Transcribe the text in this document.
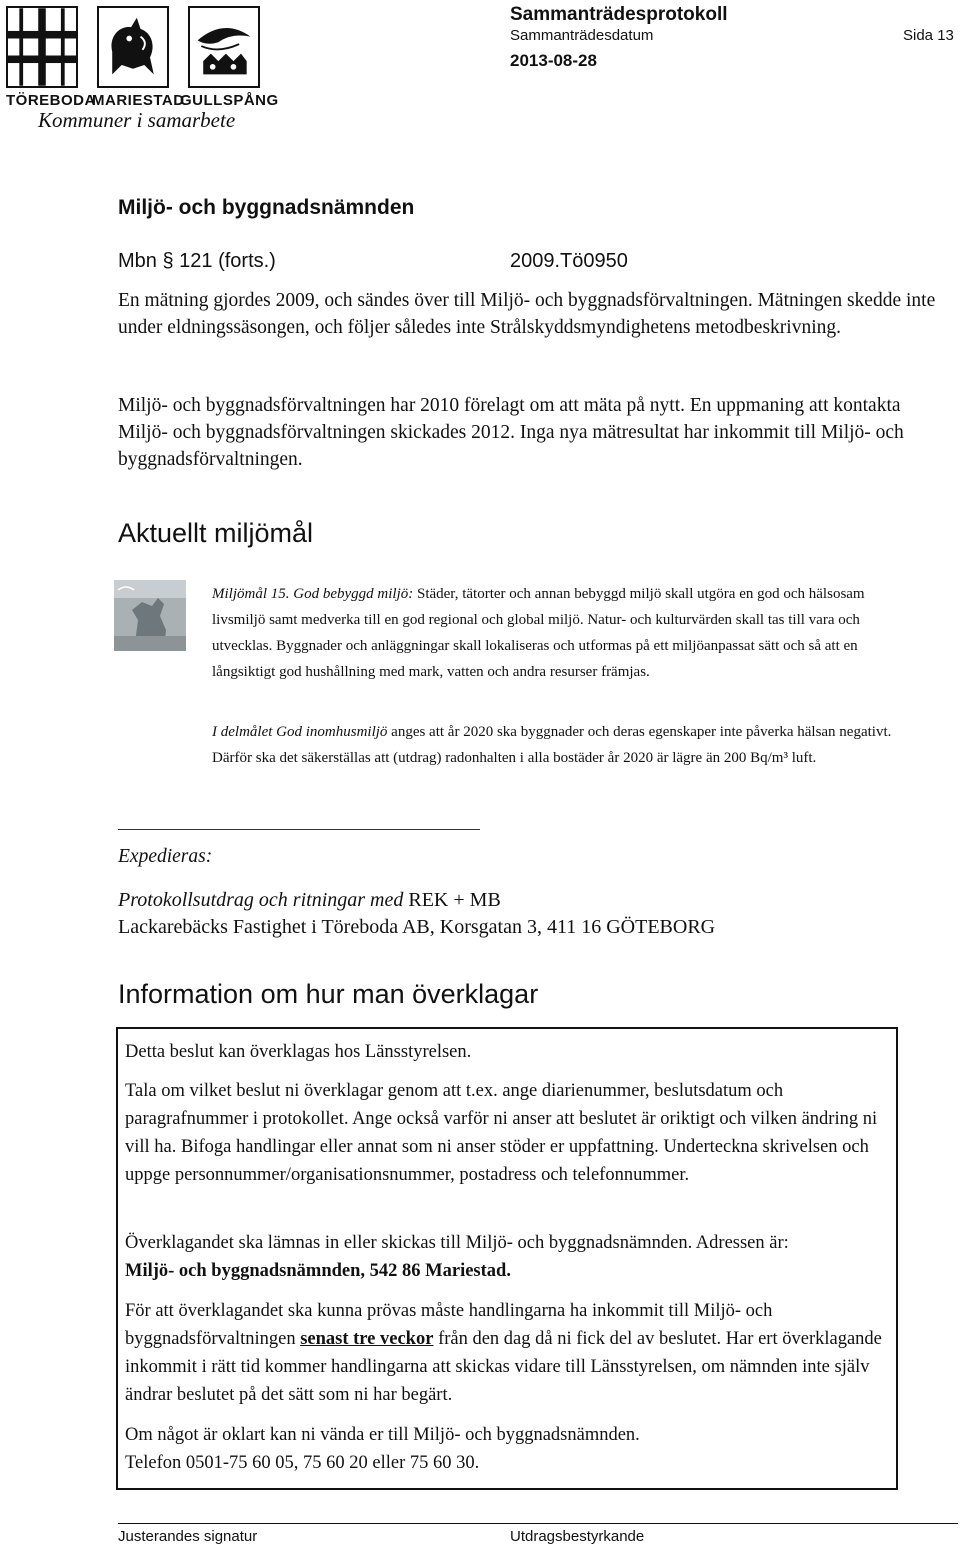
TÖREBODA
MARIESTAD
GULLSPÅNG
Kommuner i samarbete
Sammanträdesprotokoll
Sammanträdesdatum	Sida 13
2013-08-28
Miljö- och byggnadsnämnden
Mbn § 121 (forts.)	2009.Tö0950
En mätning gjordes 2009, och sändes över till Miljö- och byggnadsförvaltningen. Mätningen skedde inte under eldningssäsongen, och följer således inte Strålskyddsmyndighetens metodbeskrivning.
Miljö- och byggnadsförvaltningen har 2010 förelagt om att mäta på nytt. En uppmaning att kontakta Miljö- och byggnadsförvaltningen skickades 2012. Inga nya mätresultat har inkommit till Miljö- och byggnadsförvaltningen.
Aktuellt miljömål
Miljömål 15. God bebyggd miljö: Städer, tätorter och annan bebyggd miljö skall utgöra en god och hälsosam livsmiljö samt medverka till en god regional och global miljö. Natur- och kulturvärden skall tas till vara och utvecklas. Byggnader och anläggningar skall lokaliseras och utformas på ett miljöanpassat sätt och så att en långsiktigt god hushållning med mark, vatten och andra resurser främjas.
I delmålet God inomhusmiljö anges att år 2020 ska byggnader och deras egenskaper inte påverka hälsan negativt. Därför ska det säkerställas att (utdrag) radonhalten i alla bostäder år 2020 är lägre än 200 Bq/m³ luft.
Expedieras:
Protokollsutdrag och ritningar med REK + MB
Lackarebäcks Fastighet i Töreboda AB, Korsgatan 3, 411 16 GÖTEBORG
Information om hur man överklagar
Detta beslut kan överklagas hos Länsstyrelsen.
Tala om vilket beslut ni överklagar genom att t.ex. ange diarienummer, beslutsdatum och paragrafnummer i protokollet. Ange också varför ni anser att beslutet är oriktigt och vilken ändring ni vill ha. Bifoga handlingar eller annat som ni anser stöder er uppfattning. Underteckna skrivelsen och uppge personnummer/organisationsnummer, postadress och telefonnummer.
Överklagandet ska lämnas in eller skickas till Miljö- och byggnadsnämnden. Adressen är:
Miljö- och byggnadsnämnden, 542 86 Mariestad.
För att överklagandet ska kunna prövas måste handlingarna ha inkommit till Miljö- och byggnadsförvaltningen senast tre veckor från den dag då ni fick del av beslutet. Har ert överklagande inkommit i rätt tid kommer handlingarna att skickas vidare till Länsstyrelsen, om nämnden inte själv ändrar beslutet på det sätt som ni har begärt.
Om något är oklart kan ni vända er till Miljö- och byggnadsnämnden.
Telefon 0501-75 60 05, 75 60 20 eller 75 60 30.
Justerandes signatur	Utdragsbestyrkande
